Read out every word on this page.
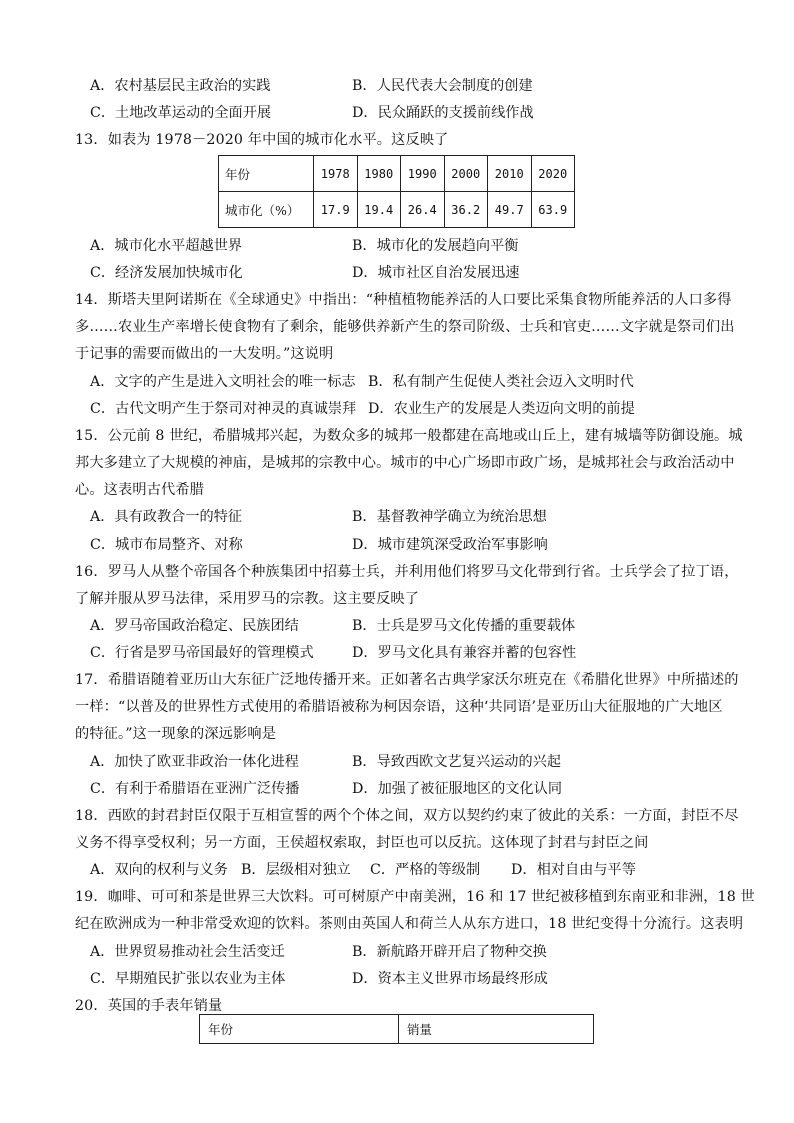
A．农村基层民主政治的实践	B．人民代表大会制度的创建
C．土地改革运动的全面开展	D．民众踊跃的支援前线作战
13．如表为 1978－2020 年中国的城市化水平。这反映了
年份	1978	1980	1990	2000	2010	2020
城市化（%）	17.9	19.4	26.4	36.2	49.7	63.9
A．城市化水平超越世界	B．城市化的发展趋向平衡
C．经济发展加快城市化	D．城市社区自治发展迅速
14．斯塔夫里阿诺斯在《全球通史》中指出：“种植植物能养活的人口要比采集食物所能养活的人口多得
多……农业生产率增长使食物有了剩余，能够供养新产生的祭司阶级、士兵和官吏……文字就是祭司们出
于记事的需要而做出的一大发明。”这说明
A．文字的产生是进入文明社会的唯一标志 B．私有制产生促使人类社会迈入文明时代
C．古代文明产生于祭司对神灵的真诚崇拜 D．农业生产的发展是人类迈向文明的前提
15．公元前 8 世纪，希腊城邦兴起，为数众多的城邦一般都建在高地或山丘上，建有城墙等防御设施。城
邦大多建立了大规模的神庙，是城邦的宗教中心。城市的中心广场即市政广场，是城邦社会与政治活动中
心。这表明古代希腊
A．具有政教合一的特征	B．基督教神学确立为统治思想
C．城市布局整齐、对称	D．城市建筑深受政治军事影响
16．罗马人从整个帝国各个种族集团中招募士兵，并利用他们将罗马文化带到行省。士兵学会了拉丁语，
了解并服从罗马法律，采用罗马的宗教。这主要反映了
A．罗马帝国政治稳定、民族团结	B．士兵是罗马文化传播的重要载体
C．行省是罗马帝国最好的管理模式	D．罗马文化具有兼容并蓄的包容性
17．希腊语随着亚历山大东征广泛地传播开来。正如著名古典学家沃尔班克在《希腊化世界》中所描述的
一样：“以普及的世界性方式使用的希腊语被称为柯因奈语，这种‘共同语’是亚历山大征服地的广大地区
的特征。”这一现象的深远影响是
A．加快了欧亚非政治一体化进程	B．导致西欧文艺复兴运动的兴起
C．有利于希腊语在亚洲广泛传播	D．加强了被征服地区的文化认同
18．西欧的封君封臣仅限于互相宣誓的两个个体之间，双方以契约约束了彼此的关系：一方面，封臣不尽
义务不得享受权利；另一方面，王侯超权索取，封臣也可以反抗。这体现了封君与封臣之间
A．双向的权利与义务 B．层级相对独立 C．严格的等级制 D．相对自由与平等
19．咖啡、可可和茶是世界三大饮料。可可树原产中南美洲，16 和 17 世纪被移植到东南亚和非洲，18 世
纪在欧洲成为一种非常受欢迎的饮料。茶则由英国人和荷兰人从东方进口，18 世纪变得十分流行。这表明
A．世界贸易推动社会生活变迁	B．新航路开辟开启了物种交换
C．早期殖民扩张以农业为主体	D．资本主义世界市场最终形成
20．英国的手表年销量
年份	销量
